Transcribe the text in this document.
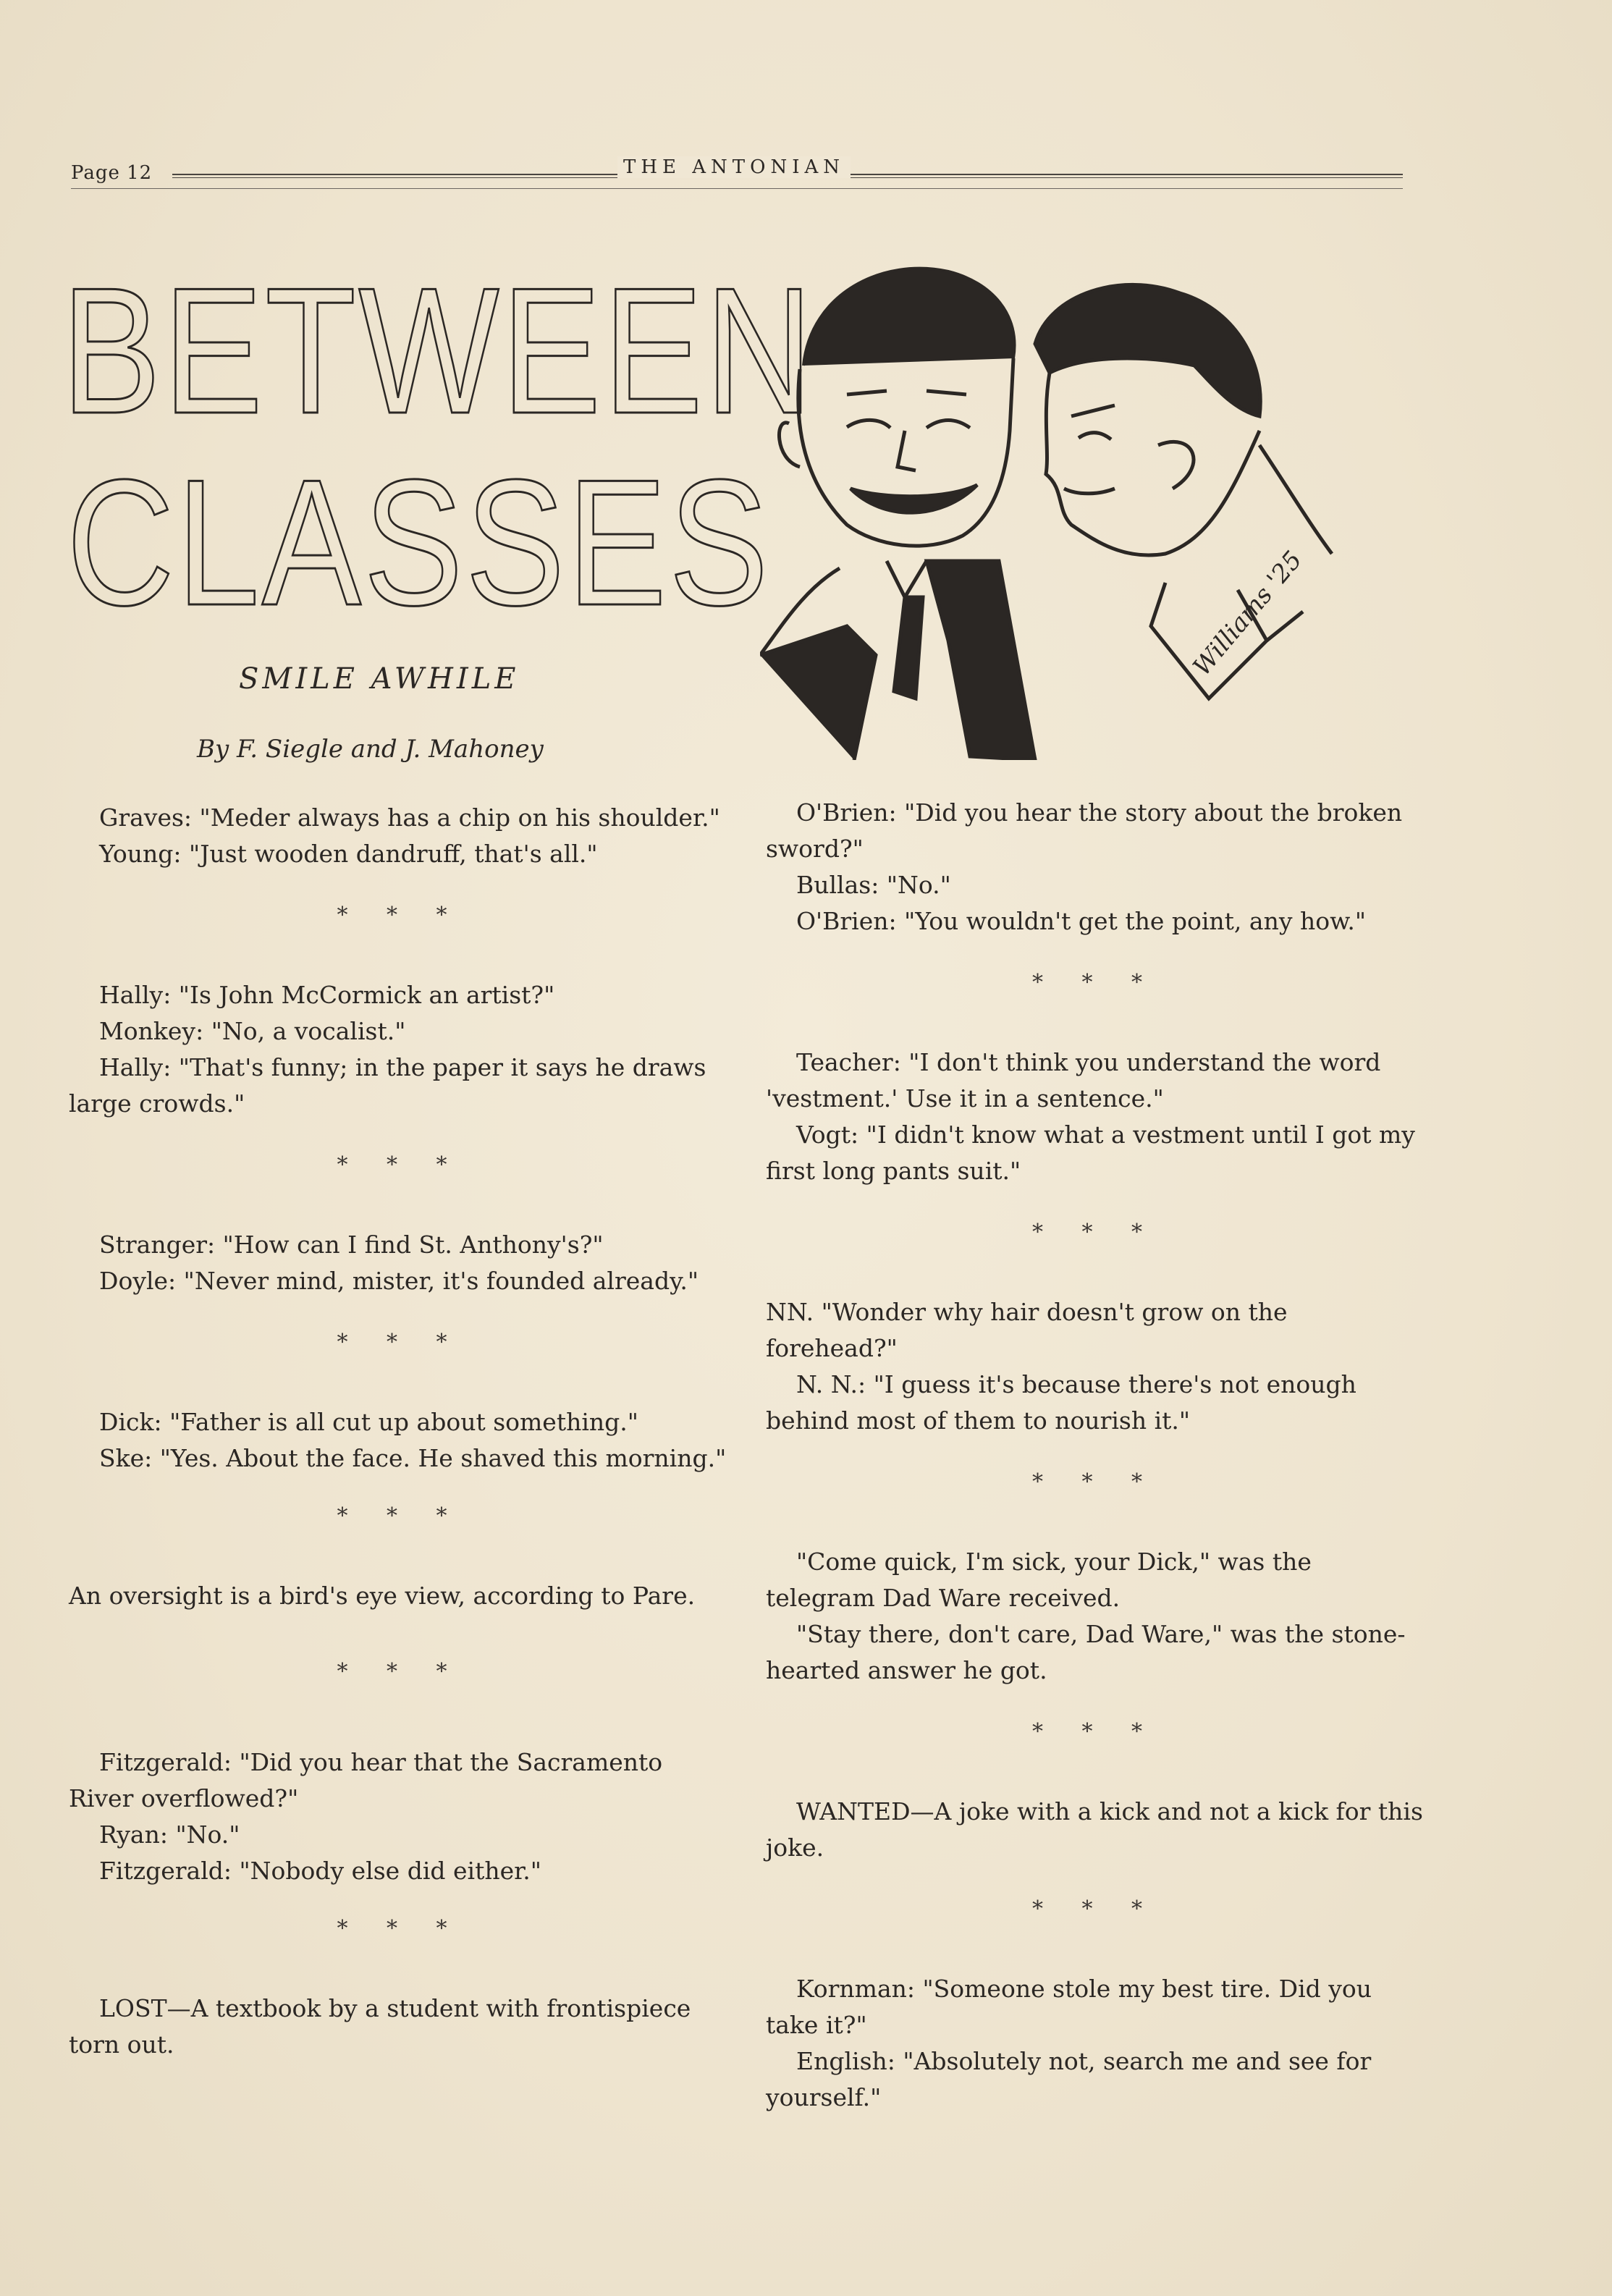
Page 12	THE ANTONIAN
BETWEEN
CLASSES	Williams '25
SMILE AWHILE
By F. Siegle and J. Mahoney

Graves: "Meder always has a chip on his shoulder."

Young: "Just wooden dandruff, that's all."

* * *

Hally: "Is John McCormick an artist?"

Monkey: "No, a vocalist."

Hally: "That's funny; in the paper it says he draws large crowds."

* * *

Stranger: "How can I find St. Anthony's?"

Doyle: "Never mind, mister, it's founded already."

* * *

Dick: "Father is all cut up about something."

Ske: "Yes. About the face. He shaved this morning."

* * *

An oversight is a bird's eye view, according to Pare.

* * *

Fitzgerald: "Did you hear that the Sacramento River overflowed?"

Ryan: "No."

Fitzgerald: "Nobody else did either."

* * *

LOST—A textbook by a student with frontispiece torn out.

O'Brien: "Did you hear the story about the broken sword?"

Bullas: "No."

O'Brien: "You wouldn't get the point, any how."

* * *

Teacher: "I don't think you understand the word 'vestment.' Use it in a sentence."

Vogt: "I didn't know what a vestment until I got my first long pants suit."

* * *

NN. "Wonder why hair doesn't grow on the forehead?"

N. N.: "I guess it's because there's not enough behind most of them to nourish it."

* * *

"Come quick, I'm sick, your Dick," was the telegram Dad Ware received.

"Stay there, don't care, Dad Ware," was the stone-hearted answer he got.

* * *

WANTED—A joke with a kick and not a kick for this joke.

* * *

Kornman: "Someone stole my best tire. Did you take it?"

English: "Absolutely not, search me and see for yourself."
